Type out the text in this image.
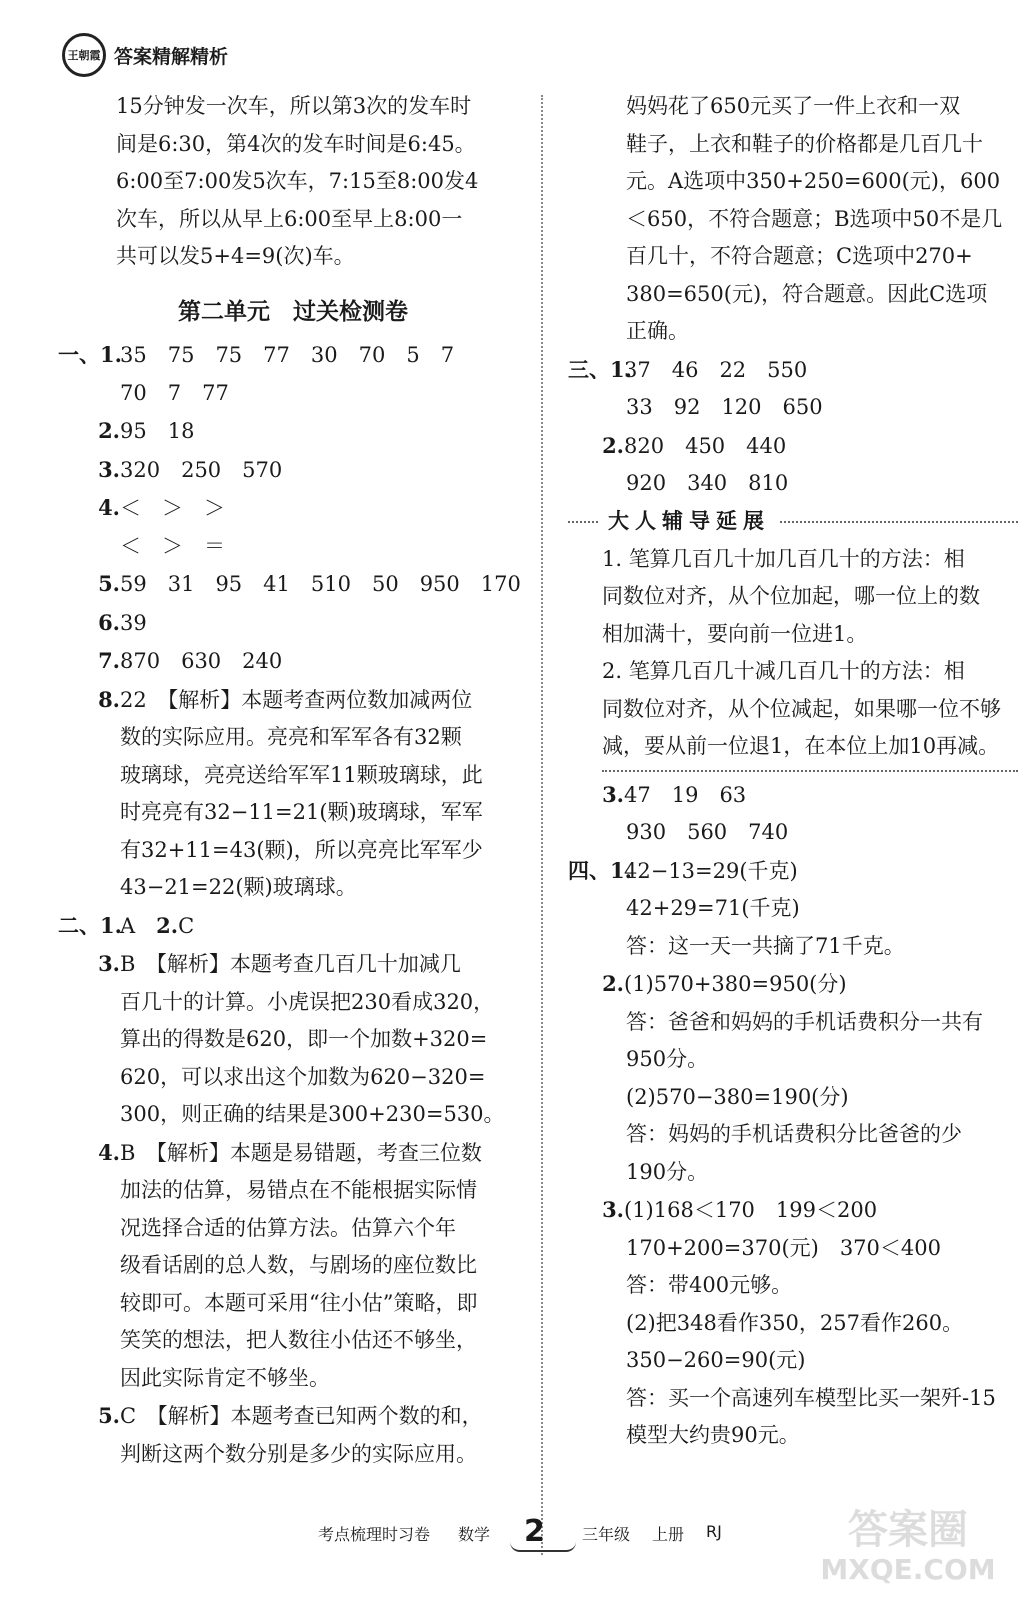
王朝霞 答案精解精析
15分钟发一次车，所以第3次的发车时
间是6:30，第4次的发车时间是6:45。
6:00至7:00发5次车，7:15至8:00发4
次车，所以从早上6:00至早上8:00一
共可以发5+4=9(次)车。
第二单元　过关检测卷
一、1.35　75　75　77　30　70　5　7
70　7　77
2.95　18
3.320　250　570
4.＜　＞　＞
＜　＞　＝
5.59　31　95　41　510　50　950　170
6.39
7.870　630　240
8.22　【解析】本题考查两位数加减两位
数的实际应用。亮亮和军军各有32颗
玻璃球，亮亮送给军军11颗玻璃球，此
时亮亮有32−11=21(颗)玻璃球，军军
有32+11=43(颗)，所以亮亮比军军少
43−21=22(颗)玻璃球。
二、1.A　2.C
3.B　【解析】本题考查几百几十加减几
百几十的计算。小虎误把230看成320，
算出的得数是620，即一个加数+320=
620，可以求出这个加数为620−320=
300，则正确的结果是300+230=530。
4.B　【解析】本题是易错题，考查三位数
加法的估算，易错点在不能根据实际情
况选择合适的估算方法。估算六个年
级看话剧的总人数，与剧场的座位数比
较即可。本题可采用“往小估”策略，即
笑笑的想法，把人数往小估还不够坐，
因此实际肯定不够坐。
5.C　【解析】本题考查已知两个数的和，
判断这两个数分别是多少的实际应用。
妈妈花了650元买了一件上衣和一双
鞋子，上衣和鞋子的价格都是几百几十
元。A选项中350+250=600(元)，600
＜650，不符合题意；B选项中50不是几
百几十，不符合题意；C选项中270+
380=650(元)，符合题意。因此C选项
正确。
三、1.37　46　22　550
33　92　120　650
2.820　450　440
920　340　810
大人辅导延展
1. 笔算几百几十加几百几十的方法：相
同数位对齐，从个位加起，哪一位上的数
相加满十，要向前一位进1。
2. 笔算几百几十减几百几十的方法：相
同数位对齐，从个位减起，如果哪一位不够
减，要从前一位退1，在本位上加10再减。
3.47　19　63
930　560　740
四、1.42−13=29(千克)
42+29=71(千克)
答：这一天一共摘了71千克。
2.(1)570+380=950(分)
答：爸爸和妈妈的手机话费积分一共有
950分。
(2)570−380=190(分)
答：妈妈的手机话费积分比爸爸的少
190分。
3.(1)168＜170　199＜200
170+200=370(元)　370＜400
答：带400元够。
(2)把348看作350，257看作260。
350−260=90(元)
答：买一个高速列车模型比买一架歼-15
模型大约贵90元。
考点梳理时习卷 数学 2 三年级 上册 RJ	答案圈
MXQE.COM
